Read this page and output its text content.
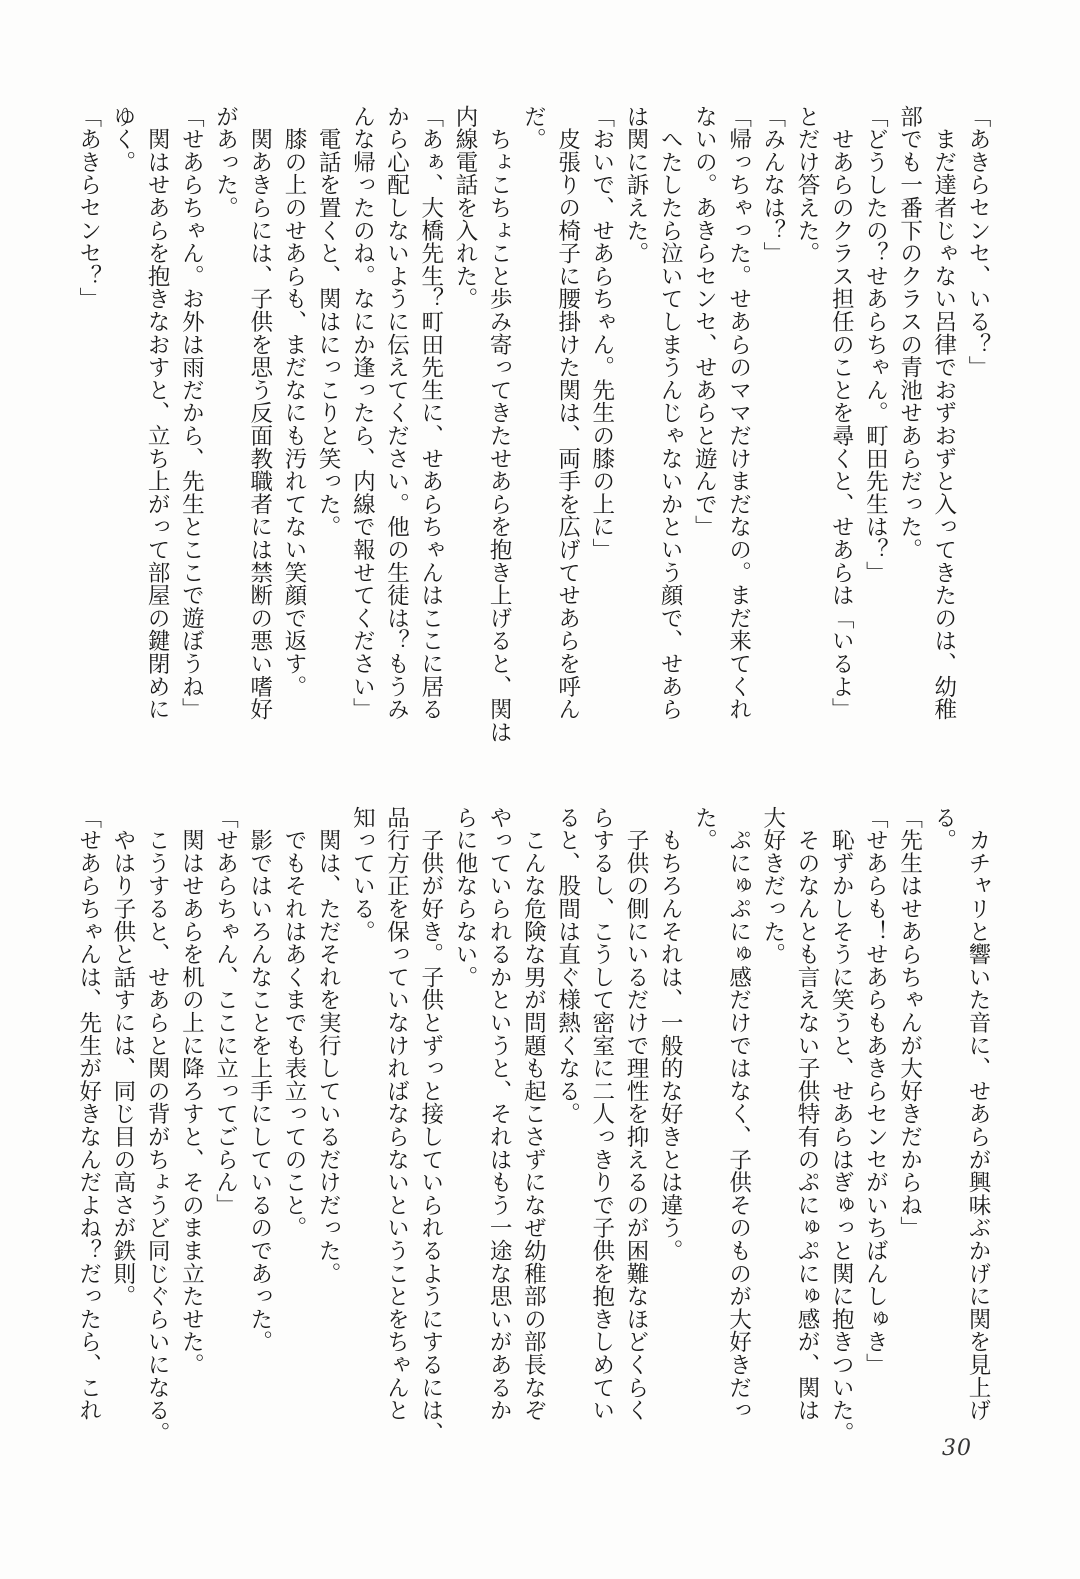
「あきらセンセ、いる？」
　まだ達者じゃない呂律でおずおずと入ってきたのは、幼稚
部でも一番下のクラスの青池せあらだった。
「どうしたの？せあらちゃん。町田先生は？」
　せあらのクラス担任のことを尋くと、せあらは「いるよ」
とだけ答えた。
「みんなは？」
「帰っちゃった。せあらのママだけまだなの。まだ来てくれ
ないの。あきらセンセ、せあらと遊んで」
　へたしたら泣いてしまうんじゃないかという顔で、せあら
は関に訴えた。
「おいで、せあらちゃん。先生の膝の上に」
　皮張りの椅子に腰掛けた関は、両手を広げてせあらを呼ん
だ。
　ちょこちょこと歩み寄ってきたせあらを抱き上げると、関は
内線電話を入れた。
「あぁ、大橋先生？町田先生に、せあらちゃんはここに居る
から心配しないように伝えてください。他の生徒は？もうみ
んな帰ったのね。なにか逢ったら、内線で報せてください」
　電話を置くと、関はにっこりと笑った。
　膝の上のせあらも、まだなにも汚れてない笑顔で返す。
　関あきらには、子供を思う反面教職者には禁断の悪い嗜好
があった。
「せあらちゃん。お外は雨だから、先生とここで遊ぼうね」
　関はせあらを抱きなおすと、立ち上がって部屋の鍵閉めに
ゆく。
「あきらセンセ？」
　カチャリと響いた音に、せあらが興味ぶかげに関を見上げ
る。
「先生はせあらちゃんが大好きだからね」
「せあらも！せあらもあきらセンセがいちばんしゅき」
　恥ずかしそうに笑うと、せあらはぎゅっと関に抱きついた。
　そのなんとも言えない子供特有のぷにゅぷにゅ感が、関は
大好きだった。
　ぷにゅぷにゅ感だけではなく、子供そのものが大好きだっ
た。
　もちろんそれは、一般的な好きとは違う。
　子供の側にいるだけで理性を抑えるのが困難なほどくらく
らするし、こうして密室に二人っきりで子供を抱きしめてい
ると、股間は直ぐ様熱くなる。
　こんな危険な男が問題も起こさずになぜ幼稚部の部長なぞ
やっていられるかというと、それはもう一途な思いがあるか
らに他ならない。
　子供が好き。子供とずっと接していられるようにするには、
品行方正を保っていなければならないということをちゃんと
知っている。
　関は、ただそれを実行しているだけだった。
　でもそれはあくまでも表立ってのこと。
　影ではいろんなことを上手にしているのであった。
「せあらちゃん、ここに立ってごらん」
　関はせあらを机の上に降ろすと、そのまま立たせた。
　こうすると、せあらと関の背がちょうど同じぐらいになる。
　やはり子供と話すには、同じ目の高さが鉄則。
「せあらちゃんは、先生が好きなんだよね？だったら、これ
30
